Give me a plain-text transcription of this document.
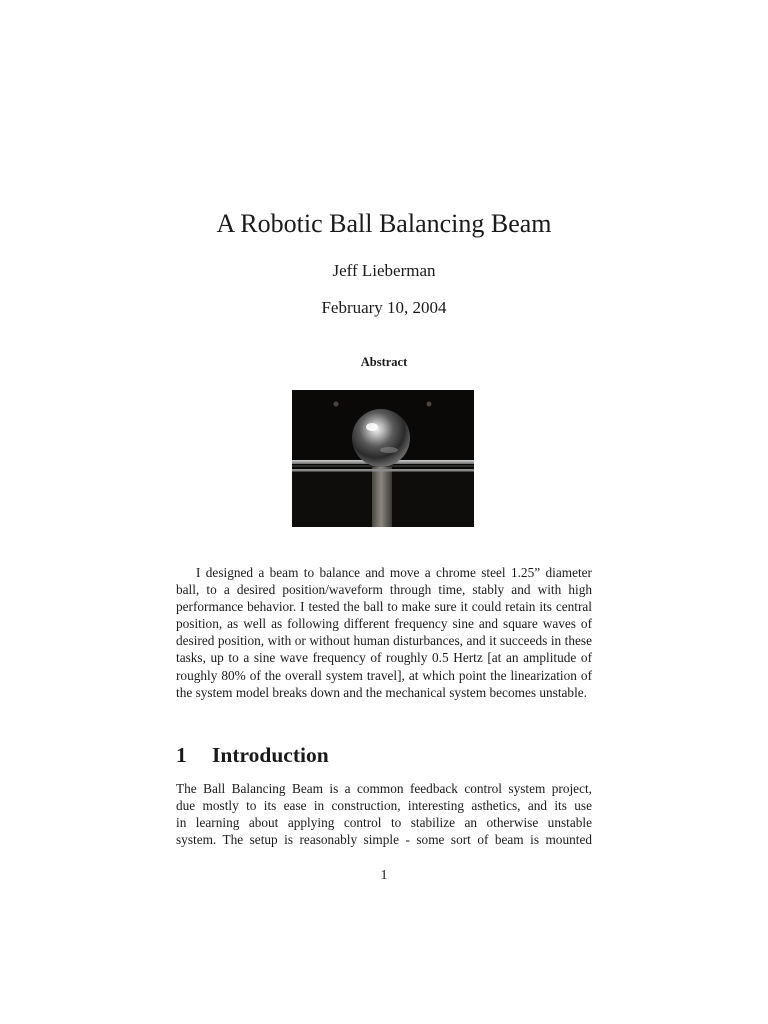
A Robotic Ball Balancing Beam
Jeff Lieberman
February 10, 2004
Abstract

I designed a beam to balance and move a chrome steel 1.25” diameter ball, to a desired position/waveform through time, stably and with high performance behavior. I tested the ball to make sure it could retain its central position, as well as following different frequency sine and square waves of desired position, with or without human disturbances, and it succeeds in these tasks, up to a sine wave frequency of roughly 0.5 Hertz [at an amplitude of roughly 80% of the overall system travel], at which point the linearization of the system model breaks down and the mechanical system becomes unstable.

1 Introduction
The Ball Balancing Beam is a common feedback control system project,
due mostly to its ease in construction, interesting asthetics, and its use
in learning about applying control to stabilize an otherwise unstable
system. The setup is reasonably simple - some sort of beam is mounted
1
